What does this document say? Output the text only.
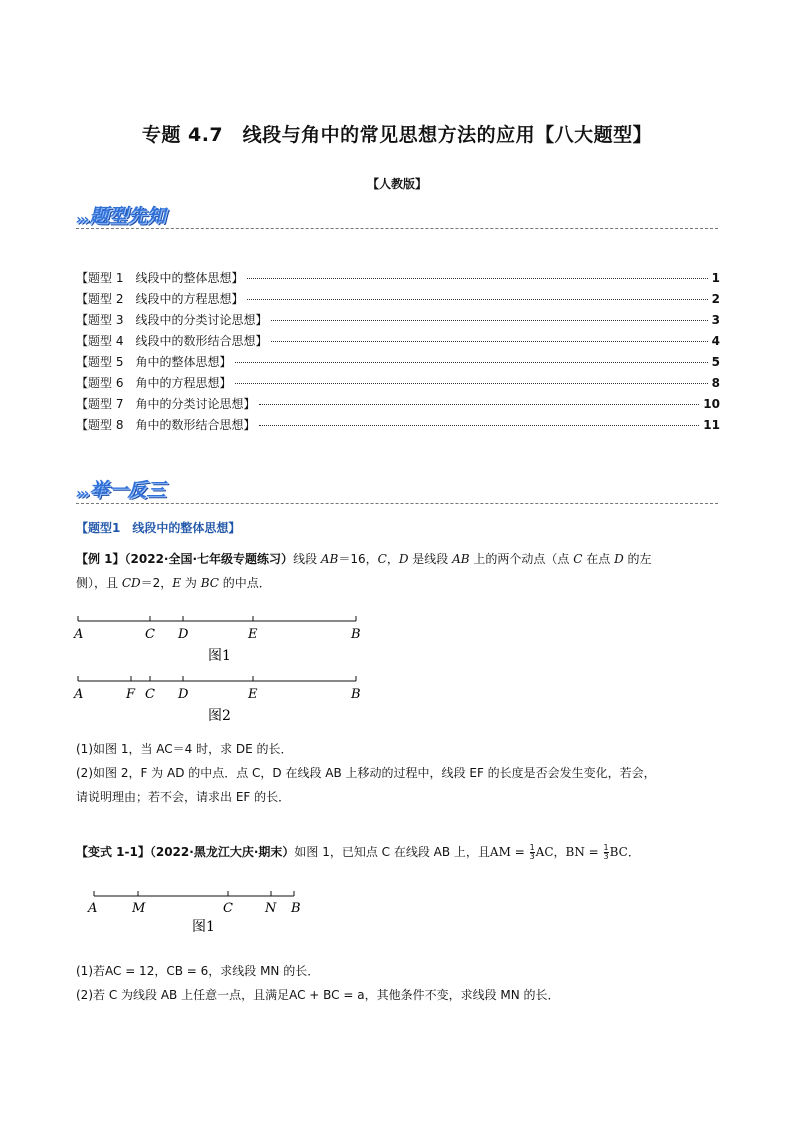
专题 4.7　线段与角中的常见思想方法的应用【八大题型】
【人教版】
››› 题型先知
【题型 1　线段中的整体思想】	1
【题型 2　线段中的方程思想】	2
【题型 3　线段中的分类讨论思想】	3
【题型 4　线段中的数形结合思想】	4
【题型 5　角中的整体思想】	5
【题型 6　角中的方程思想】	8
【题型 7　角中的分类讨论思想】	10
【题型 8　角中的数形结合思想】	11
››› 举一反三
【题型1　线段中的整体思想】
【例 1】（2022·全国·七年级专题练习）线段 AB＝16，C，D 是线段 AB 上的两个动点（点 C 在点 D 的左
侧），且 CD＝2，E 为 BC 的中点．
A	C D	E	B
图1
A	F C D	E	B
图2
(1)如图 1，当 AC＝4 时，求 DE 的长．
(2)如图 2，F 为 AD 的中点．点 C，D 在线段 AB 上移动的过程中，线段 EF 的长度是否会发生变化，若会，
请说明理由；若不会，请求出 EF 的长．
【变式 1-1】（2022·黑龙江大庆·期末）如图 1，已知点 C 在线段 AB 上，且AM = $\frac{1}{3}$ AC，BN = $\frac{1}{3}$ BC．
A	M	C N B
图1
(1)若AC = 12，CB = 6，求线段 MN 的长．
(2)若 C 为线段 AB 上任意一点，且满足AC + BC = a，其他条件不变，求线段 MN 的长．
